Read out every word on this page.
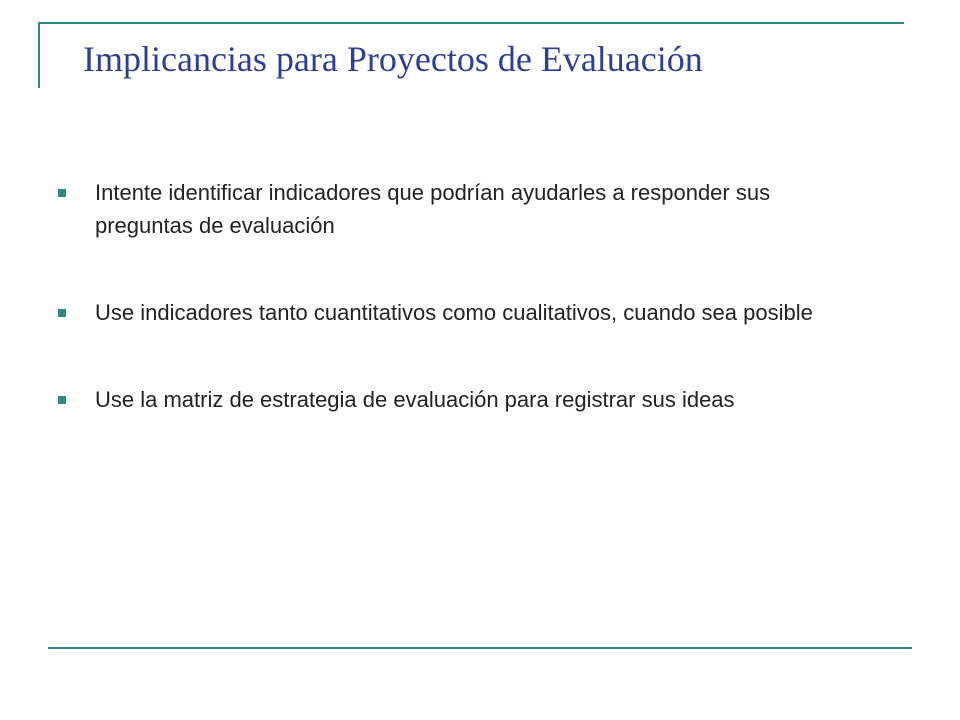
Implicancias para Proyectos de Evaluación
Intente identificar indicadores que podrían ayudarles a responder sus preguntas de evaluación
Use indicadores tanto cuantitativos como cualitativos, cuando sea posible
Use la matriz de estrategia de evaluación para registrar sus ideas
